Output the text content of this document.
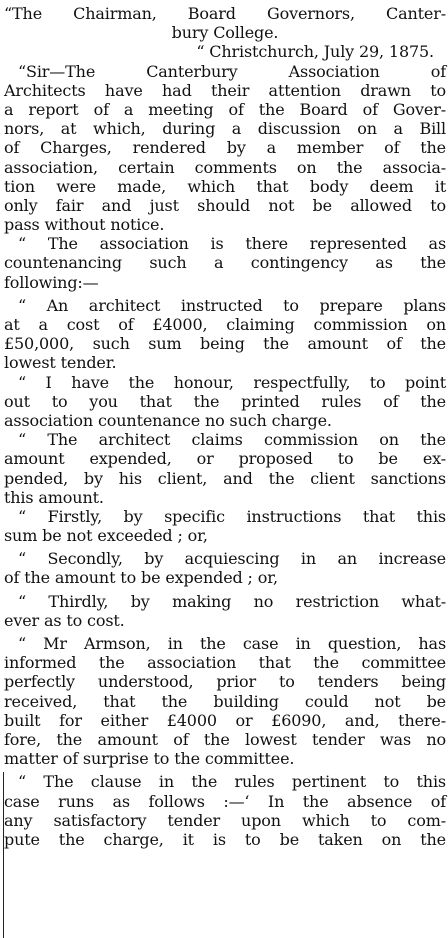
“The Chairman, Board Governors, Canter-
bury College.
“ Christchurch, July 29, 1875.
“Sir—The Canterbury Association of
Architects have had their attention drawn to
a report of a meeting of the Board of Gover-
nors, at which, during a discussion on a Bill
of Charges, rendered by a member of the
association, certain comments on the associa-
tion were made, which that body deem it
only fair and just should not be allowed to
pass without notice.
“ The association is there represented as
countenancing such a contingency as the
following:—
“ An architect instructed to prepare plans
at a cost of £4000, claiming commission on
£50,000, such sum being the amount of the
lowest tender.
“ I have the honour, respectfully, to point
out to you that the printed rules of the
association countenance no such charge.
“ The architect claims commission on the
amount expended, or proposed to be ex-
pended, by his client, and the client sanctions
this amount.
“ Firstly, by specific instructions that this
sum be not exceeded ; or,
“ Secondly, by acquiescing in an increase
of the amount to be expended ; or,
“ Thirdly, by making no restriction what-
ever as to cost.
“ Mr Armson, in the case in question, has
informed the association that the committee
perfectly understood, prior to tenders being
received, that the building could not be
built for either £4000 or £6090, and, there-
fore, the amount of the lowest tender was no
matter of surprise to the committee.
“ The clause in the rules pertinent to this
case runs as follows :—‘ In the absence of
any satisfactory tender upon which to com-
pute the charge, it is to be taken on the
